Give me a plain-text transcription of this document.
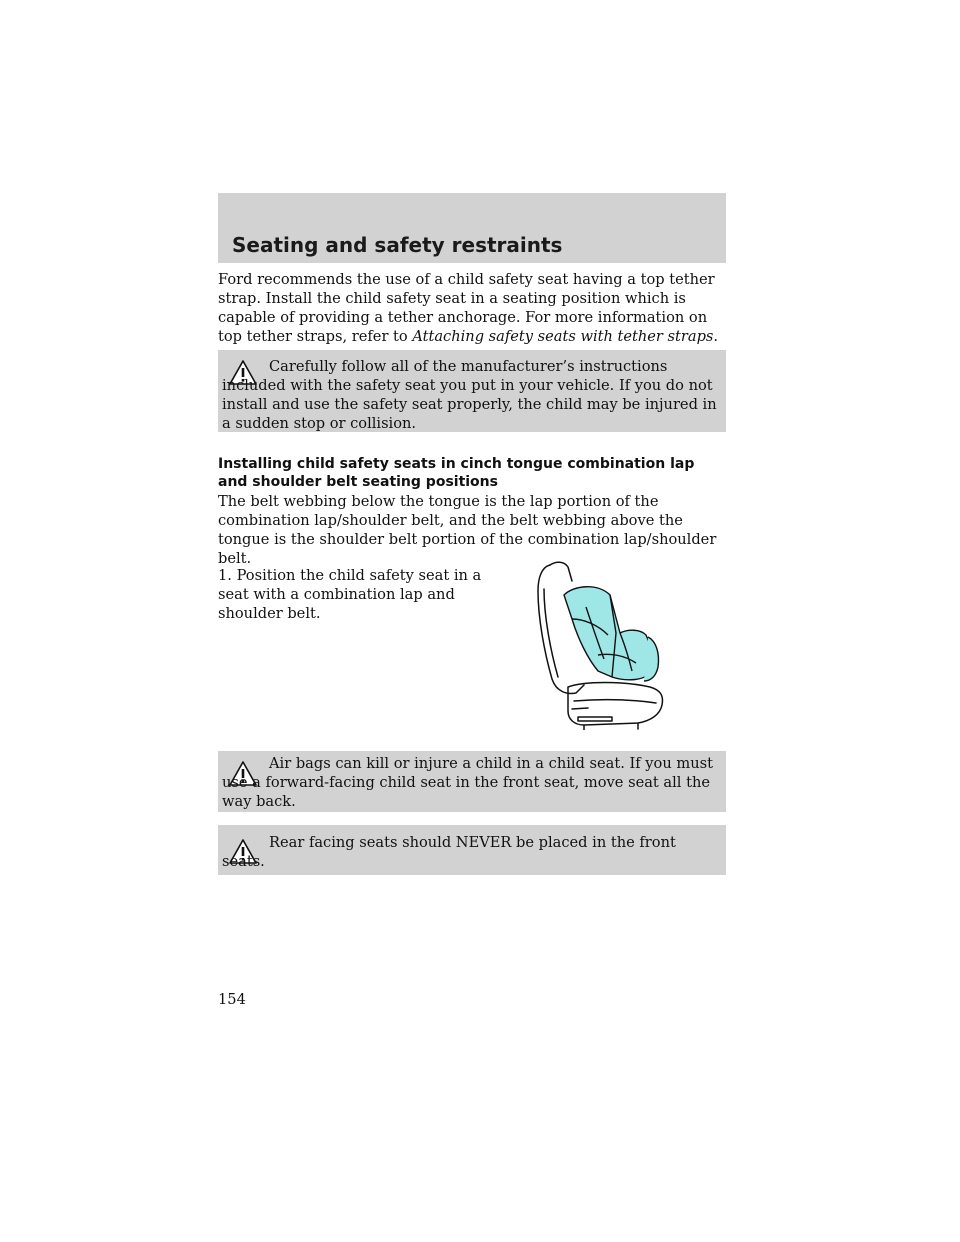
Seating and safety restraints

Ford recommends the use of a child safety seat having a top tether strap. Install the child safety seat in a seating position which is capable of providing a tether anchorage. For more information on top tether straps, refer to Attaching safety seats with tether straps.

Carefully follow all of the manufacturer’s instructions included with the safety seat you put in your vehicle. If you do not install and use the safety seat properly, the child may be injured in a sudden stop or collision.

Installing child safety seats in cinch tongue combination lap and shoulder belt seating positions

The belt webbing below the tongue is the lap portion of the combination lap/shoulder belt, and the belt webbing above the tongue is the shoulder belt portion of the combination lap/shoulder belt.

1. Position the child safety seat in a seat with a combination lap and shoulder belt.

Air bags can kill or injure a child in a child seat. If you must use a forward-facing child seat in the front seat, move seat all the way back.

Rear facing seats should NEVER be placed in the front seats.

154
